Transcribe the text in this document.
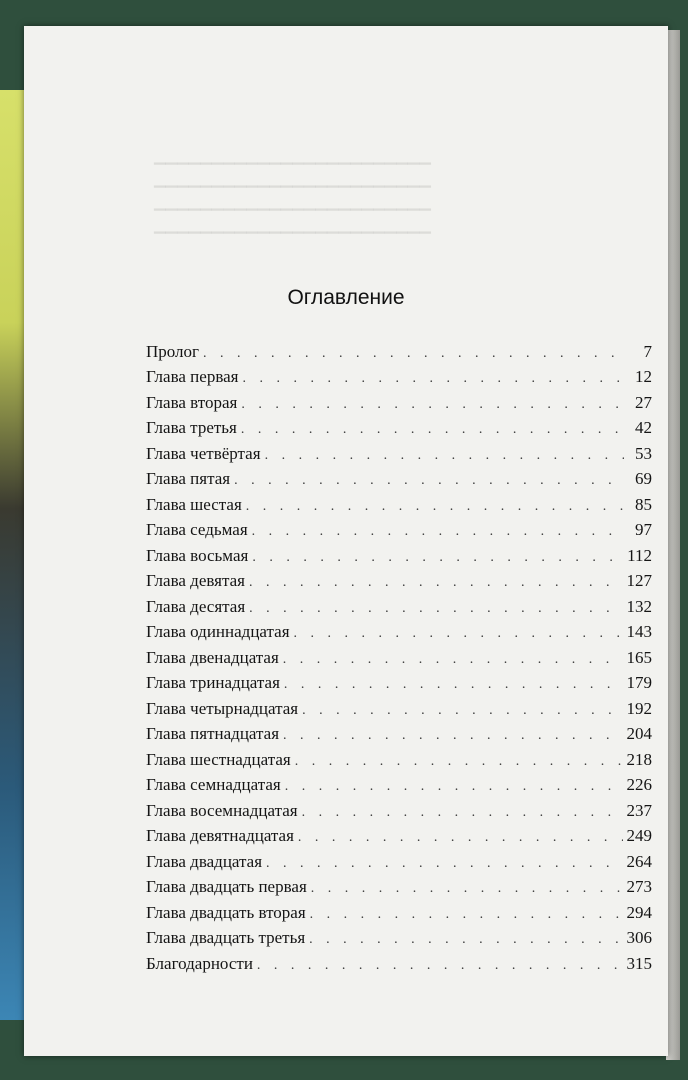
▁▁▁▁▁▁▁▁▁▁▁▁▁▁▁▁▁▁▁▁▁▁▁▁
▁▁▁▁▁▁▁▁▁▁▁▁▁▁▁▁▁▁▁▁▁▁▁▁
▁▁▁▁▁▁▁▁▁▁▁▁▁▁▁▁▁▁▁▁▁▁▁▁
▁▁▁▁▁▁▁▁▁▁▁▁▁▁▁▁▁▁▁▁▁▁▁▁
Оглавление
Пролог . . .	7
Глава первая . . .	12
Глава вторая . . .	27
Глава третья . . .	42
Глава четвёртая . . .	53
Глава пятая . . .	69
Глава шестая . . .	85
Глава седьмая . . .	97
Глава восьмая . . .	112
Глава девятая . . .	127
Глава десятая . . .	132
Глава одиннадцатая . . .	143
Глава двенадцатая . . .	165
Глава тринадцатая . . .	179
Глава четырнадцатая . . .	192
Глава пятнадцатая . . .	204
Глава шестнадцатая . . .	218
Глава семнадцатая . . .	226
Глава восемнадцатая . . .	237
Глава девятнадцатая . . .	249
Глава двадцатая . . .	264
Глава двадцать первая . . .	273
Глава двадцать вторая . . .	294
Глава двадцать третья . . .	306
Благодарности . . .	315
